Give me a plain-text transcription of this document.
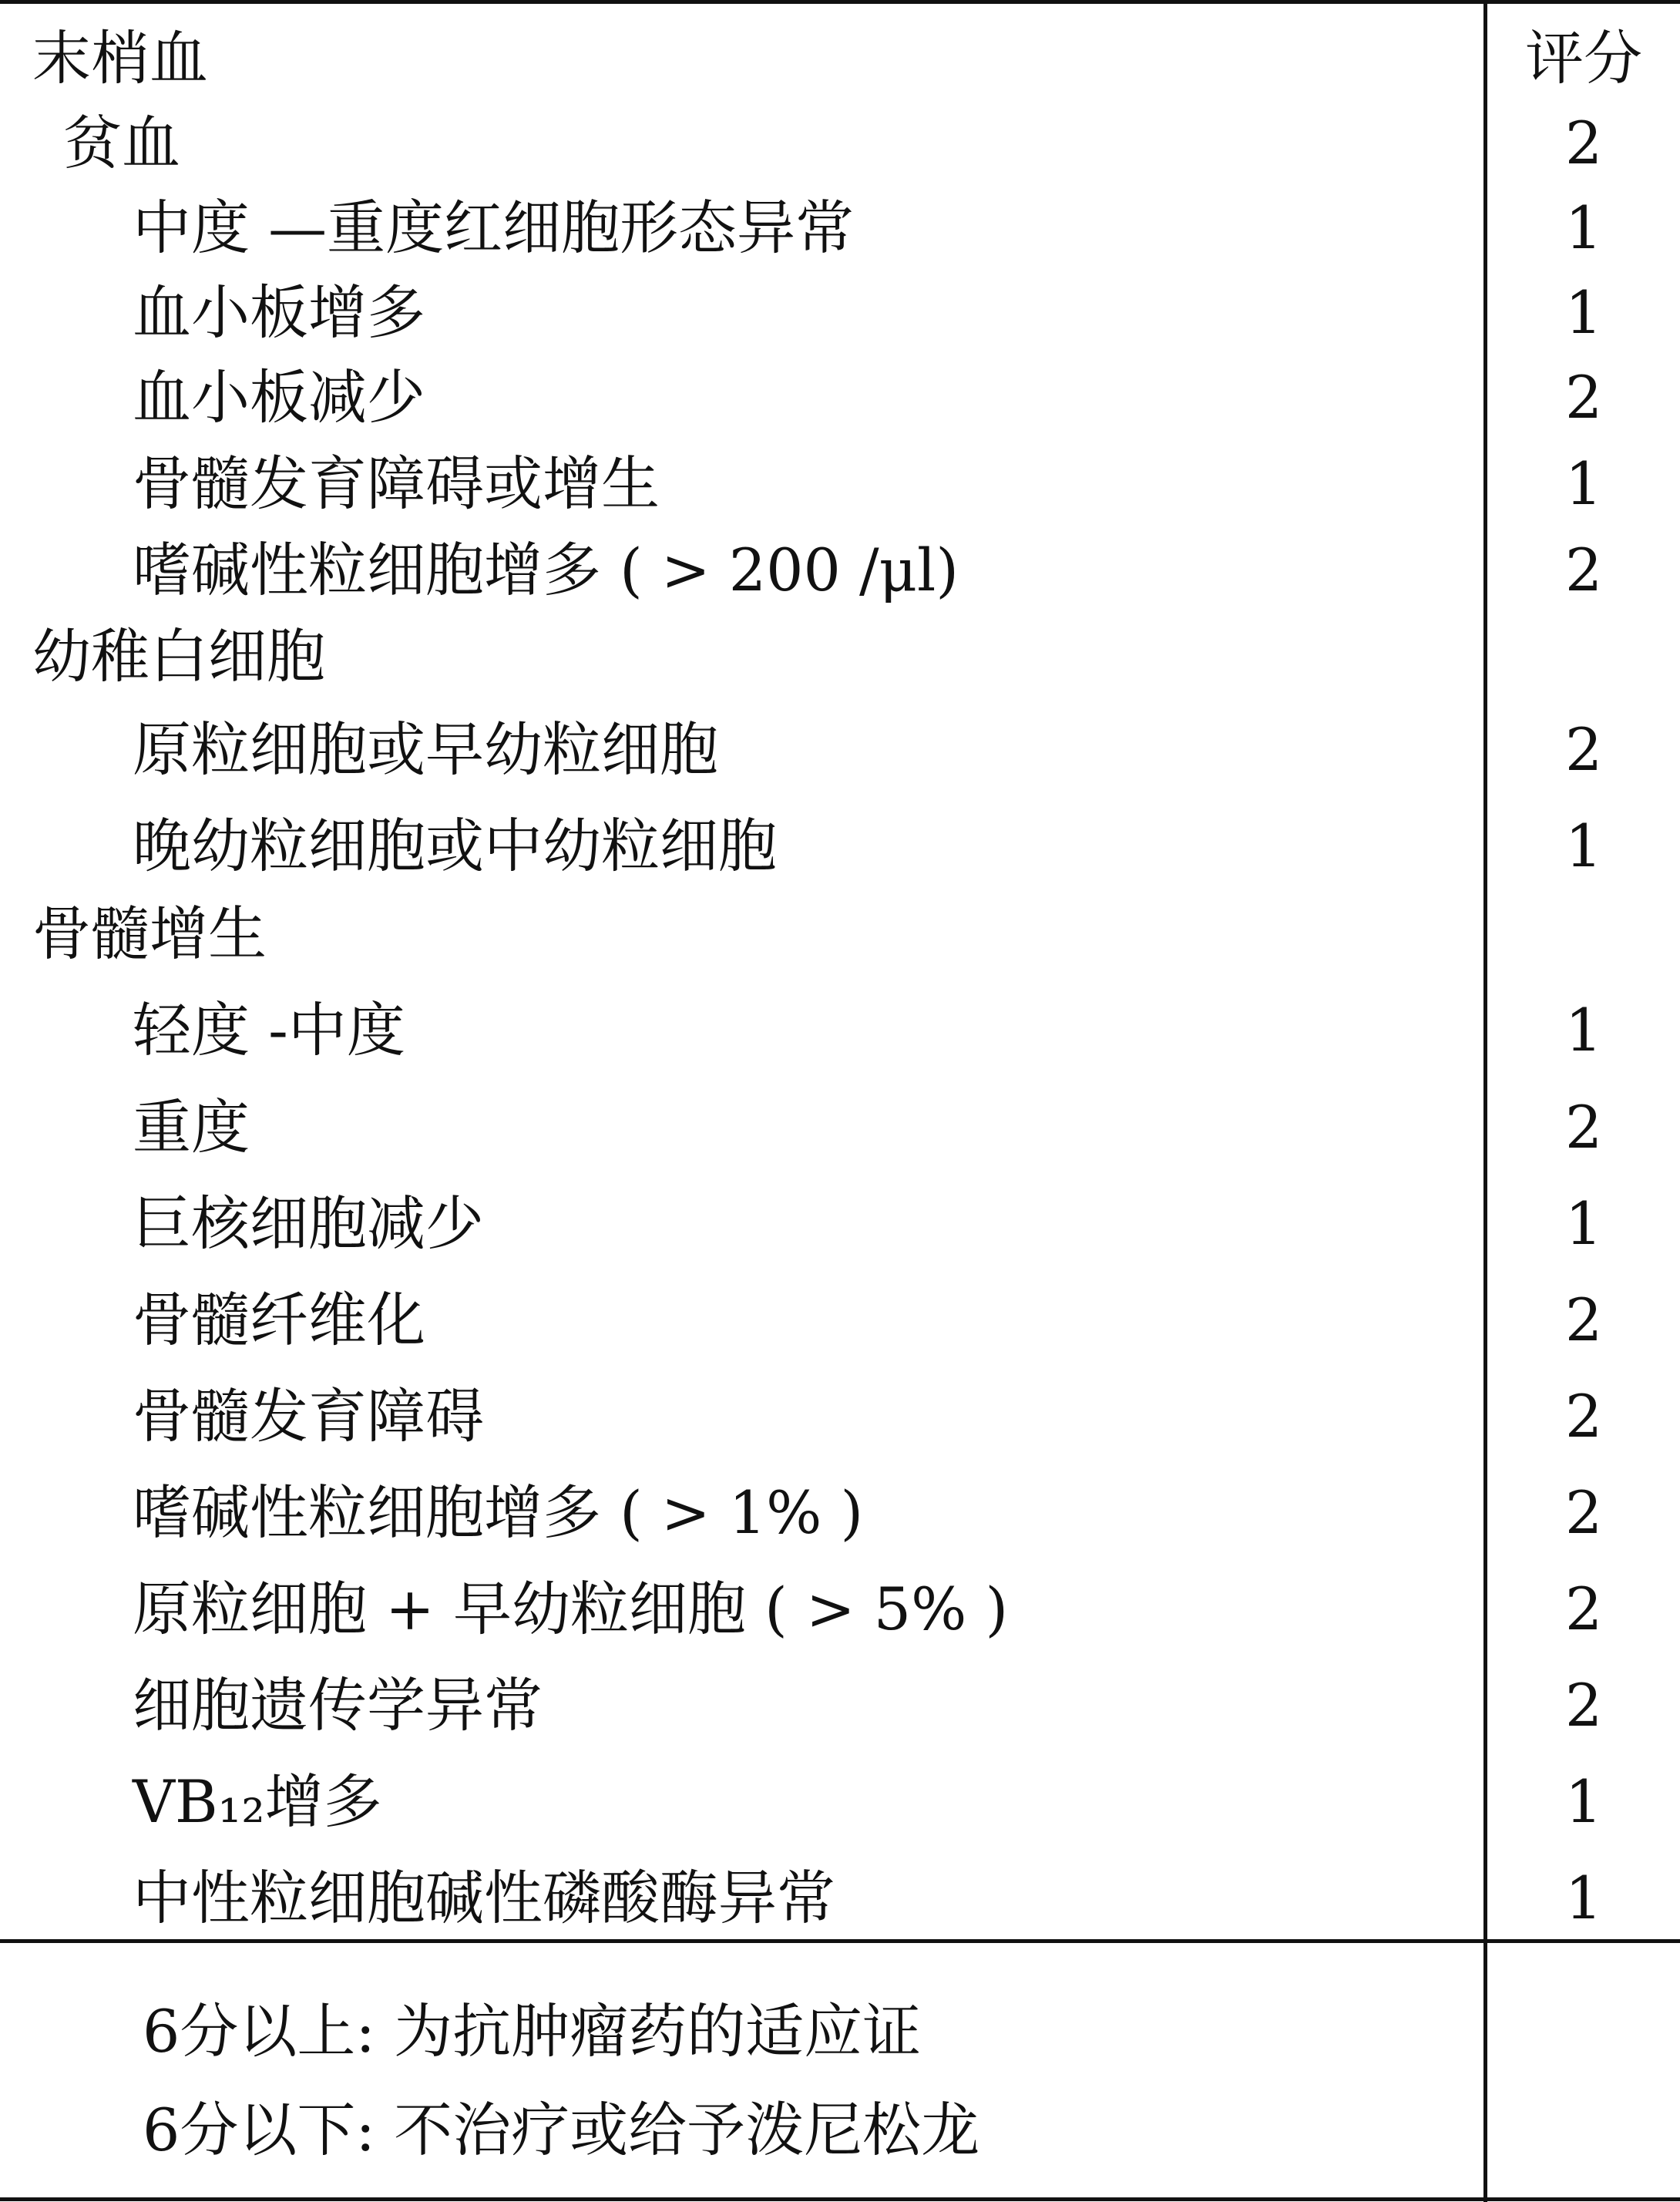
末梢血	评分
贫血	2
中度 —重度红细胞形态异常	1
血小板增多	1
血小板减少	2
骨髓发育障碍或增生	1
嗜碱性粒细胞增多 ( > 200 /μl)	2
幼稚白细胞
原粒细胞或早幼粒细胞	2
晚幼粒细胞或中幼粒细胞	1
骨髓增生
轻度 -中度	1
重度	2
巨核细胞减少	1
骨髓纤维化	2
骨髓发育障碍	2
嗜碱性粒细胞增多 ( > 1% )	2
原粒细胞 + 早幼粒细胞 ( > 5% )	2
细胞遗传学异常	2
VB₁₂增多	1
中性粒细胞碱性磷酸酶异常	1
6分以上: 为抗肿瘤药的适应证
6分以下: 不治疗或给予泼尼松龙
